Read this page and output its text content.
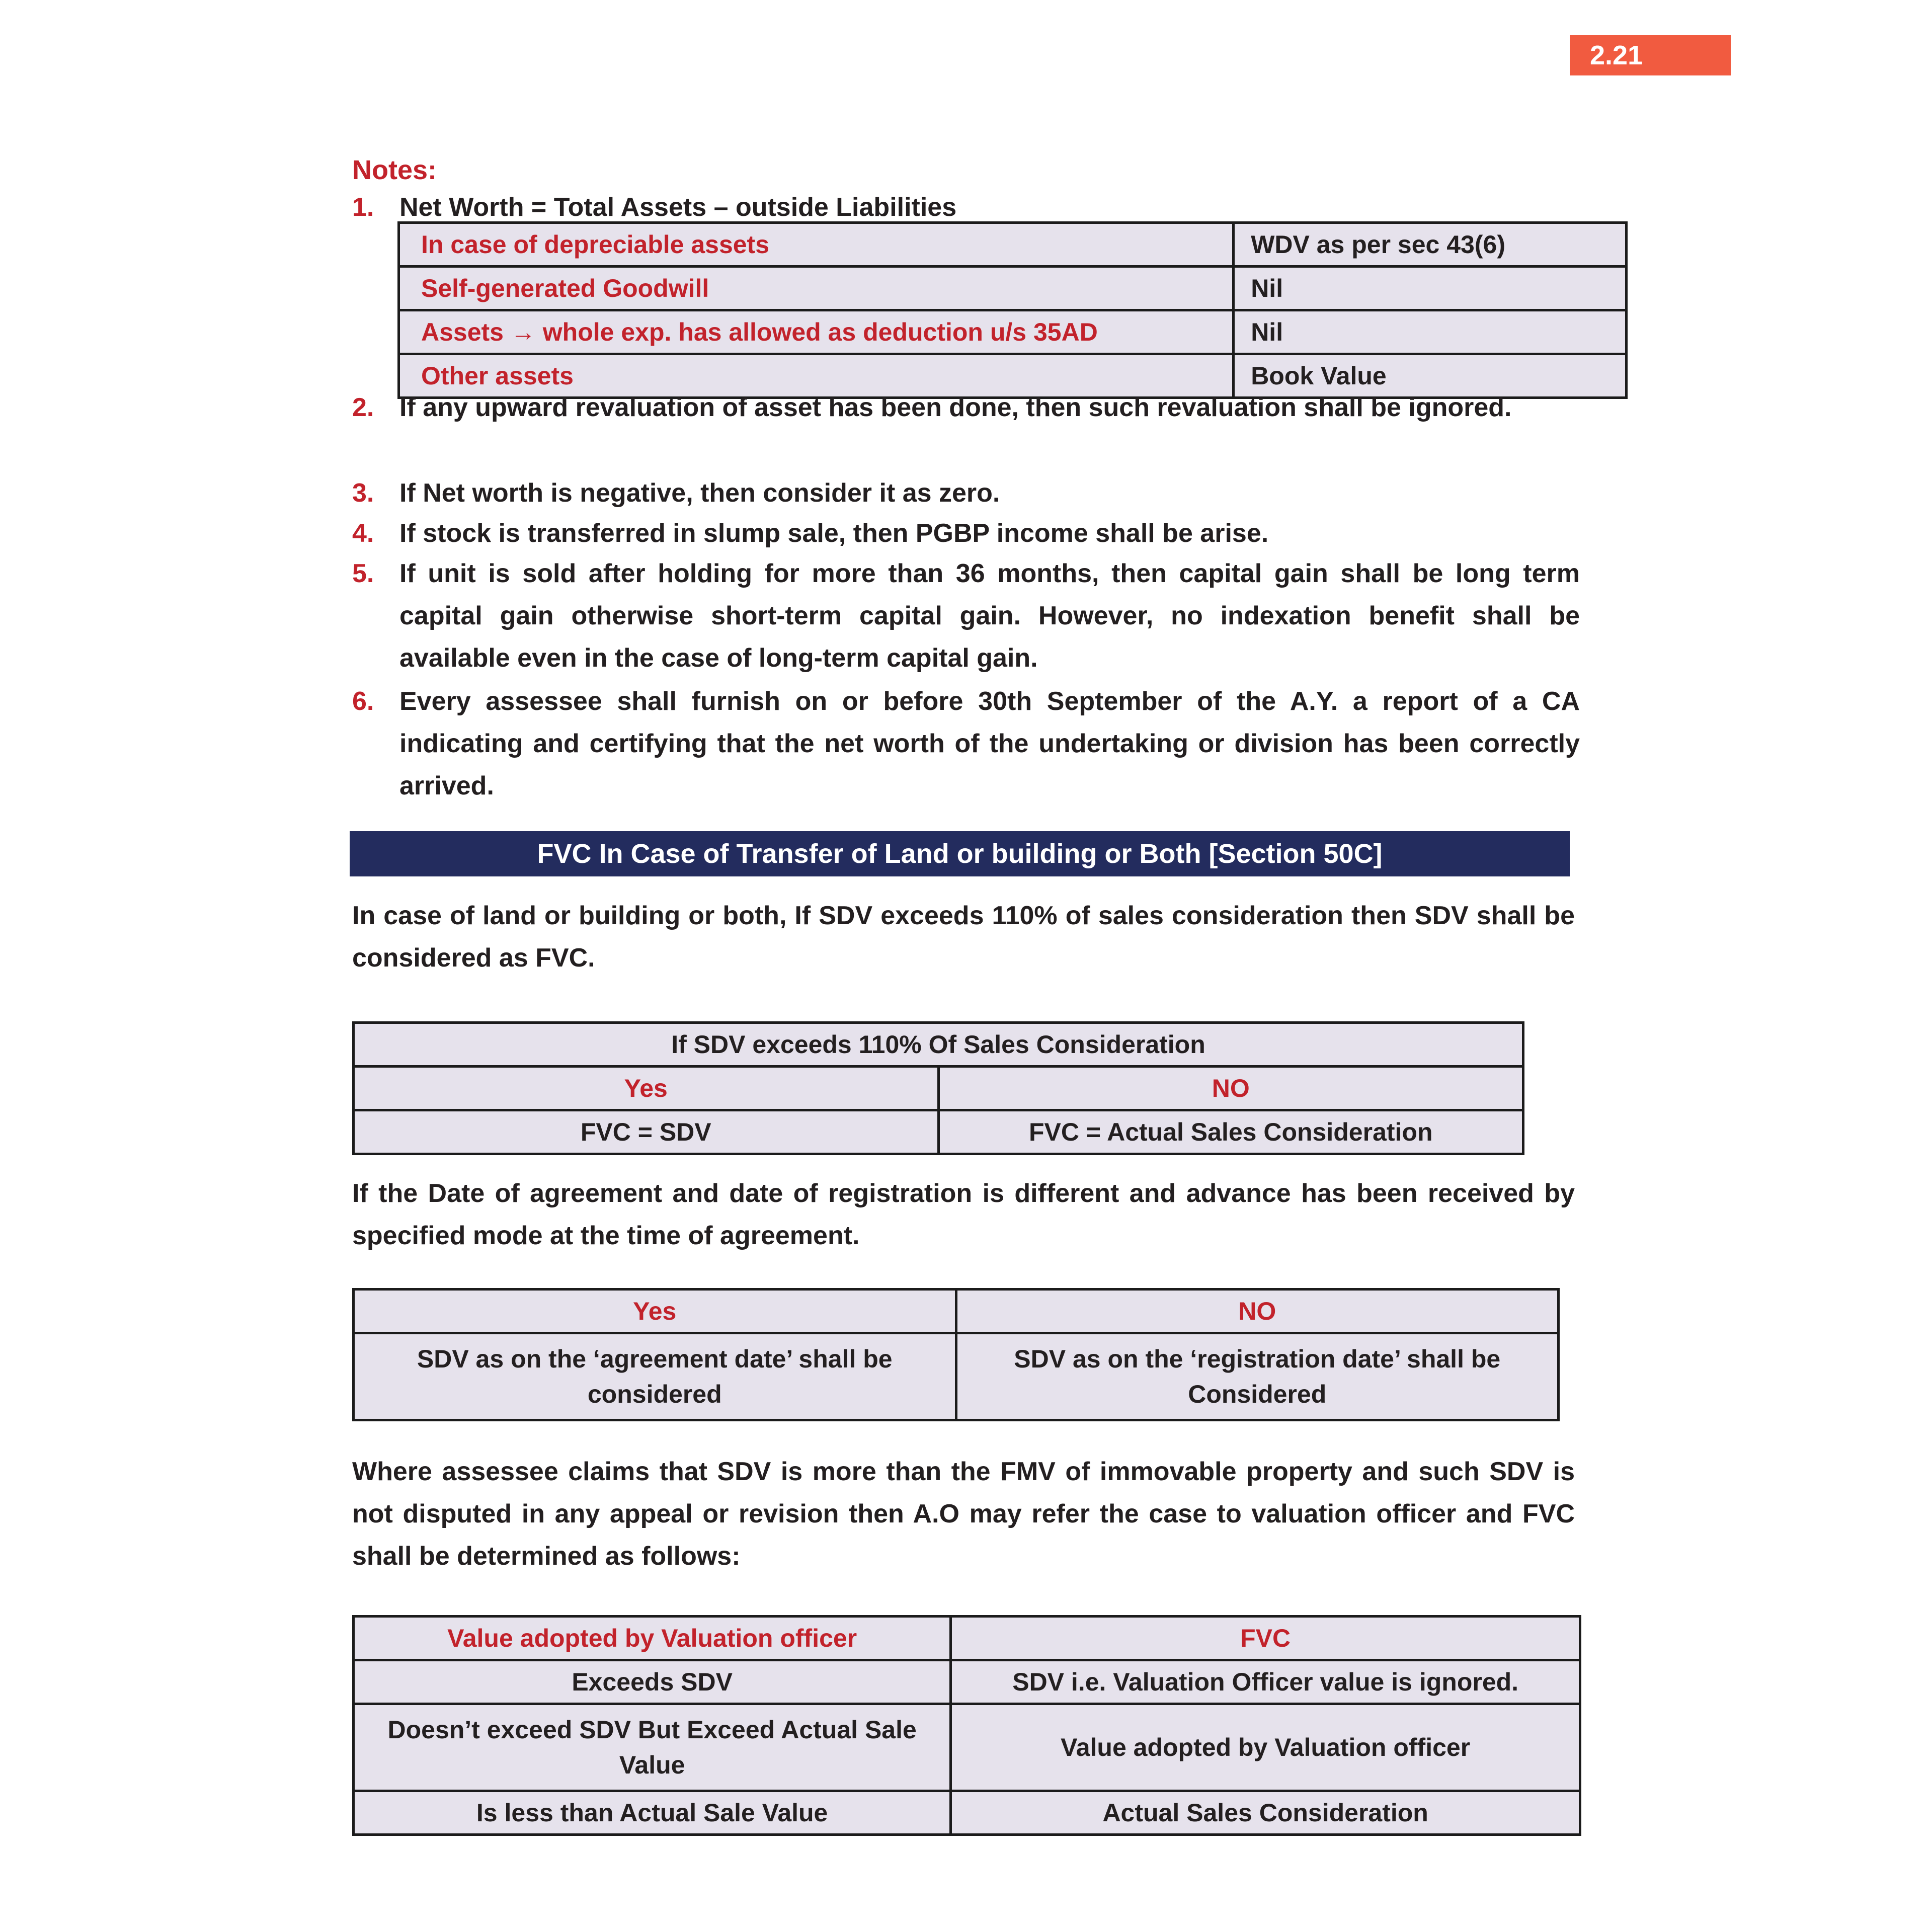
2.21
Notes:
1. Net Worth = Total Assets – outside Liabilities
In case of depreciable assets	WDV as per sec 43(6)
Self-generated Goodwill	Nil
Assets → whole exp. has allowed as deduction u/s 35AD	Nil
Other assets	Book Value
2. If any upward revaluation of asset has been done, then such revaluation shall be ignored.
3. If Net worth is negative, then consider it as zero.
4. If stock is transferred in slump sale, then PGBP income shall be arise.
5. If unit is sold after holding for more than 36 months, then capital gain shall be long term capital gain otherwise short-term capital gain. However, no indexation benefit shall be available even in the case of long-term capital gain.
6. Every assessee shall furnish on or before 30th September of the A.Y. a report of a CA indicating and certifying that the net worth of the undertaking or division has been correctly arrived.
FVC In Case of Transfer of Land or building or Both [Section 50C]
In case of land or building or both, If SDV exceeds 110% of sales consideration then SDV shall be considered as FVC.
If SDV exceeds 110% Of Sales Consideration	
Yes	NO
FVC = SDV	FVC = Actual Sales Consideration
If the Date of agreement and date of registration is different and advance has been received by specified mode at the time of agreement.
Yes	NO
SDV as on the ‘agreement date’ shall be considered	SDV as on the ‘registration date’ shall be Considered
Where assessee claims that SDV is more than the FMV of immovable property and such SDV is not disputed in any appeal or revision then A.O may refer the case to valuation officer and FVC shall be determined as follows:
Value adopted by Valuation officer	FVC
Exceeds SDV	SDV i.e. Valuation Officer value is ignored.
Doesn’t exceed SDV But Exceed Actual Sale Value	Value adopted by Valuation officer
Is less than Actual Sale Value	Actual Sales Consideration
